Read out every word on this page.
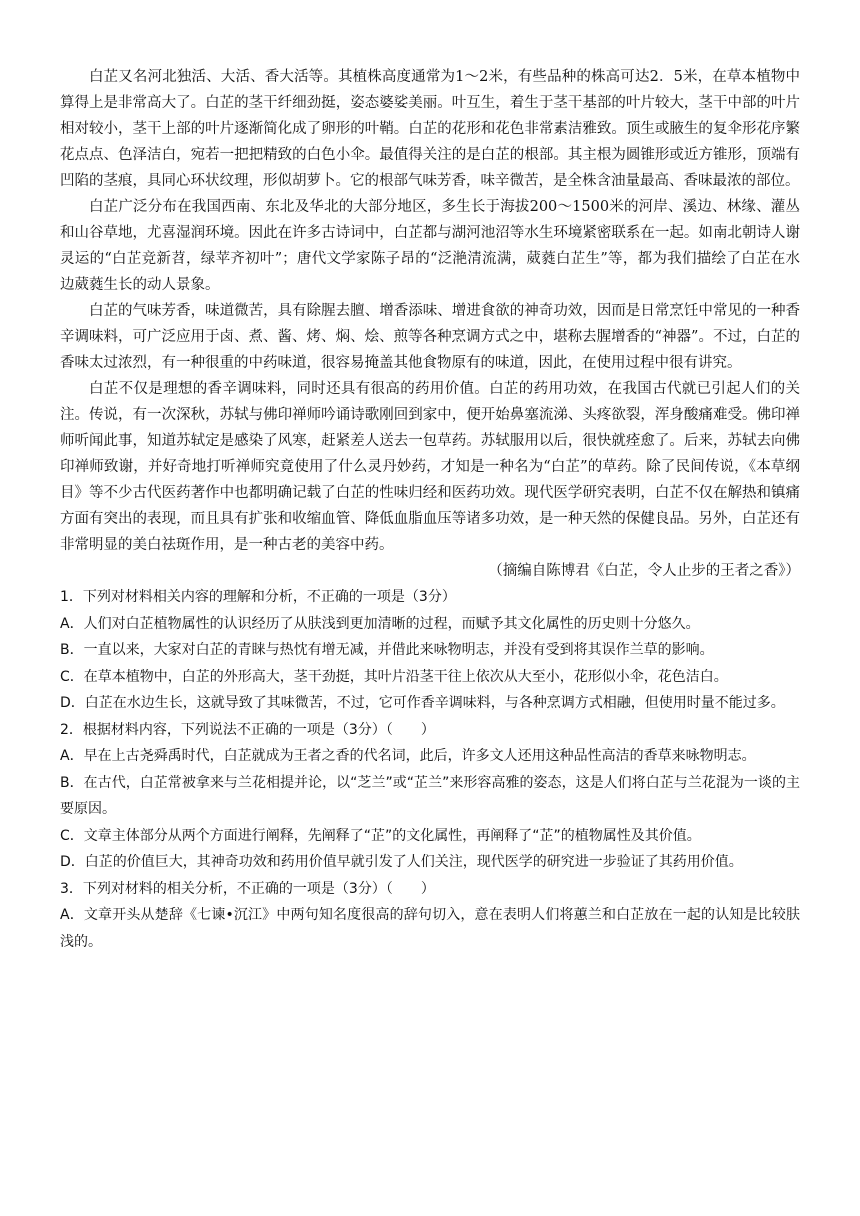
白芷又名河北独活、大活、香大活等。其植株高度通常为1～2米，有些品种的株高可达2．5米，在草本植物中算得上是非常高大了。白芷的茎干纤细劲挺，姿态婆娑美丽。叶互生，着生于茎干基部的叶片较大，茎干中部的叶片相对较小，茎干上部的叶片逐渐简化成了卵形的叶鞘。白芷的花形和花色非常素洁雅致。顶生或腋生的复伞形花序繁花点点、色泽洁白，宛若一把把精致的白色小伞。最值得关注的是白芷的根部。其主根为圆锥形或近方锥形，顶端有凹陷的茎痕，具同心环状纹理，形似胡萝卜。它的根部气味芳香，味辛微苦，是全株含油量最高、香味最浓的部位。

白芷广泛分布在我国西南、东北及华北的大部分地区，多生长于海拔200～1500米的河岸、溪边、林缘、灌丛和山谷草地，尤喜湿润环境。因此在许多古诗词中，白芷都与湖河池沼等水生环境紧密联系在一起。如南北朝诗人谢灵运的“白芷竞新苕，绿苹齐初叶”；唐代文学家陈子昂的“泛滟清流满，葳蕤白芷生”等，都为我们描绘了白芷在水边葳蕤生长的动人景象。

白芷的气味芳香，味道微苦，具有除腥去膻、增香添味、增进食欲的神奇功效，因而是日常烹饪中常见的一种香辛调味料，可广泛应用于卤、煮、酱、烤、焖、烩、煎等各种烹调方式之中，堪称去腥增香的“神器”。不过，白芷的香味太过浓烈，有一种很重的中药味道，很容易掩盖其他食物原有的味道，因此，在使用过程中很有讲究。

白芷不仅是理想的香辛调味料，同时还具有很高的药用价值。白芷的药用功效，在我国古代就已引起人们的关注。传说，有一次深秋，苏轼与佛印禅师吟诵诗歌刚回到家中，便开始鼻塞流涕、头疼欲裂，浑身酸痛难受。佛印禅师听闻此事，知道苏轼定是感染了风寒，赶紧差人送去一包草药。苏轼服用以后，很快就痊愈了。后来，苏轼去向佛印禅师致谢，并好奇地打听禅师究竟使用了什么灵丹妙药，才知是一种名为“白芷”的草药。除了民间传说，《本草纲目》等不少古代医药著作中也都明确记载了白芷的性味归经和医药功效。现代医学研究表明，白芷不仅在解热和镇痛方面有突出的表现，而且具有扩张和收缩血管、降低血脂血压等诸多功效，是一种天然的保健良品。另外，白芷还有非常明显的美白祛斑作用，是一种古老的美容中药。

（摘编自陈博君《白芷，令人止步的王者之香》）

1．下列对材料相关内容的理解和分析，不正确的一项是（3分）

A．人们对白芷植物属性的认识经历了从肤浅到更加清晰的过程，而赋予其文化属性的历史则十分悠久。

B．一直以来，大家对白芷的青睐与热忱有增无减，并借此来咏物明志，并没有受到将其误作兰草的影响。

C．在草本植物中，白芷的外形高大，茎干劲挺，其叶片沿茎干往上依次从大至小，花形似小伞，花色洁白。

D．白芷在水边生长，这就导致了其味微苦，不过，它可作香辛调味料，与各种烹调方式相融，但使用时量不能过多。

2．根据材料内容，下列说法不正确的一项是（3分）（　　）

A．早在上古尧舜禹时代，白芷就成为王者之香的代名词，此后，许多文人还用这种品性高洁的香草来咏物明志。

B．在古代，白芷常被拿来与兰花相提并论，以“芝兰”或“芷兰”来形容高雅的姿态，这是人们将白芷与兰花混为一谈的主要原因。

C．文章主体部分从两个方面进行阐释，先阐释了“芷”的文化属性，再阐释了“芷”的植物属性及其价值。

D．白芷的价值巨大，其神奇功效和药用价值早就引发了人们关注，现代医学的研究进一步验证了其药用价值。

3．下列对材料的相关分析，不正确的一项是（3分）（　　）

A．文章开头从楚辞《七谏•沉江》中两句知名度很高的辞句切入，意在表明人们将蕙兰和白芷放在一起的认知是比较肤浅的。
